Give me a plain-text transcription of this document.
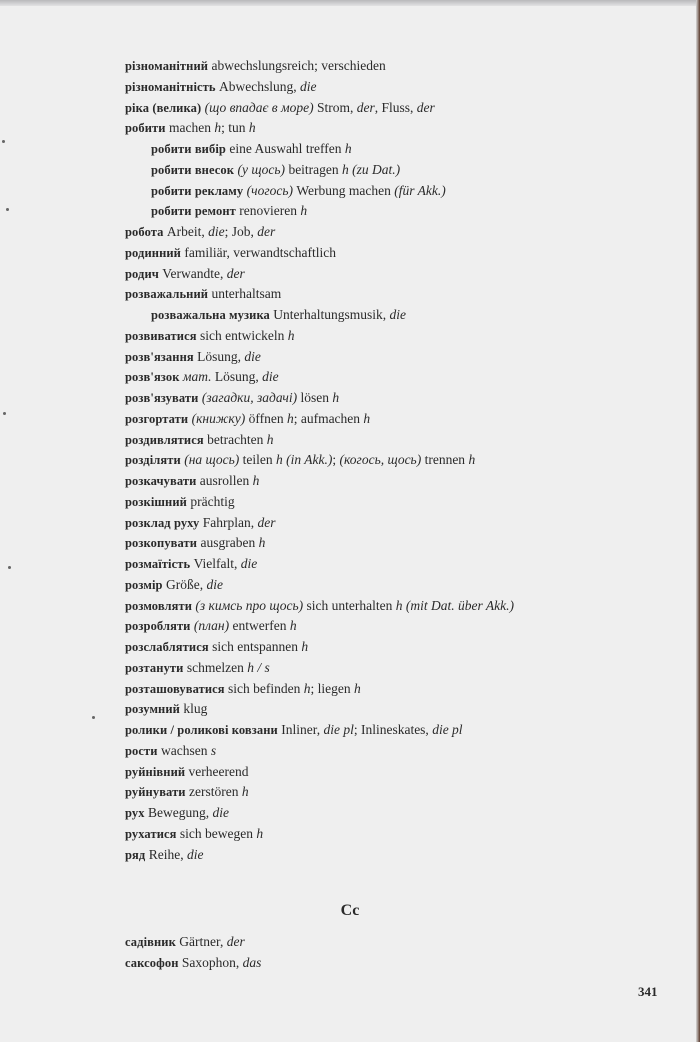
різноманітний abwechslungsreich; verschieden
різноманітність Abwechslung, die
ріка (велика) (що впадає в море) Strom, der, Fluss, der
робити machen h; tun h
робити вибір eine Auswahl treffen h
робити внесок (у щось) beitragen h (zu Dat.)
робити рекламу (чогось) Werbung machen (für Akk.)
робити ремонт renovieren h
робота Arbeit, die; Job, der
родинний familiär, verwandtschaftlich
родич Verwandte, der
розважальний unterhaltsam
розважальна музика Unterhaltungsmusik, die
розвиватися sich entwickeln h
розв'язання Lösung, die
розв'язок мат. Lösung, die
розв'язувати (загадки, задачі) lösen h
розгортати (книжку) öffnen h; aufmachen h
роздивлятися betrachten h
розділяти (на щось) teilen h (in Akk.); (когось, щось) trennen h
розкачувати ausrollen h
розкішний prächtig
розклад руху Fahrplan, der
розкопувати ausgraben h
розмаїтість Vielfalt, die
розмір Größe, die
розмовляти (з кимсь про щось) sich unterhalten h (mit Dat. über Akk.)
розробляти (план) entwerfen h
розслаблятися sich entspannen h
розтанути schmelzen h / s
розташовуватися sich befinden h; liegen h
розумний klug
ролики / роликові ковзани Inliner, die pl; Inlineskates, die pl
рости wachsen s
руйнівний verheerend
руйнувати zerstören h
рух Bewegung, die
рухатися sich bewegen h
ряд Reihe, die
Cc
садівник Gärtner, der
саксофон Saxophon, das
341
